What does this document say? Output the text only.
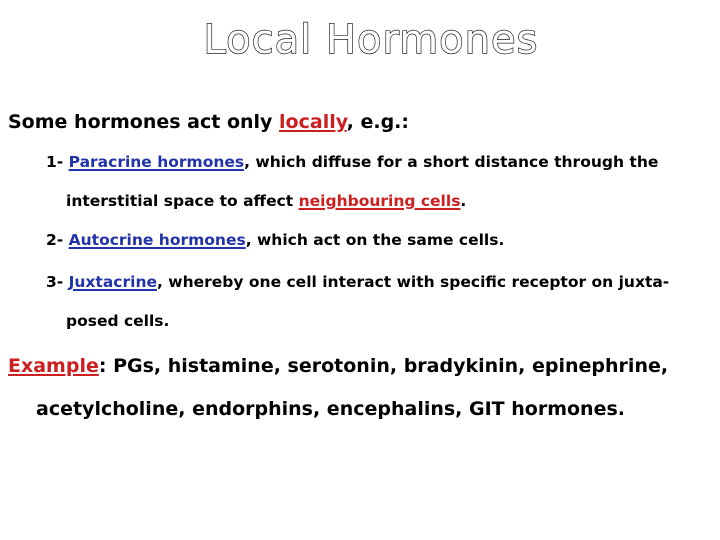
Local Hormones
Some hormones act only locally, e.g.:
1- Paracrine hormones, which diffuse for a short distance through the
interstitial space to affect neighbouring cells.
2- Autocrine hormones, which act on the same cells.
3- Juxtacrine, whereby one cell interact with specific receptor on juxta-
posed cells.
Example: PGs, histamine, serotonin, bradykinin, epinephrine,
acetylcholine, endorphins, encephalins, GIT hormones.
